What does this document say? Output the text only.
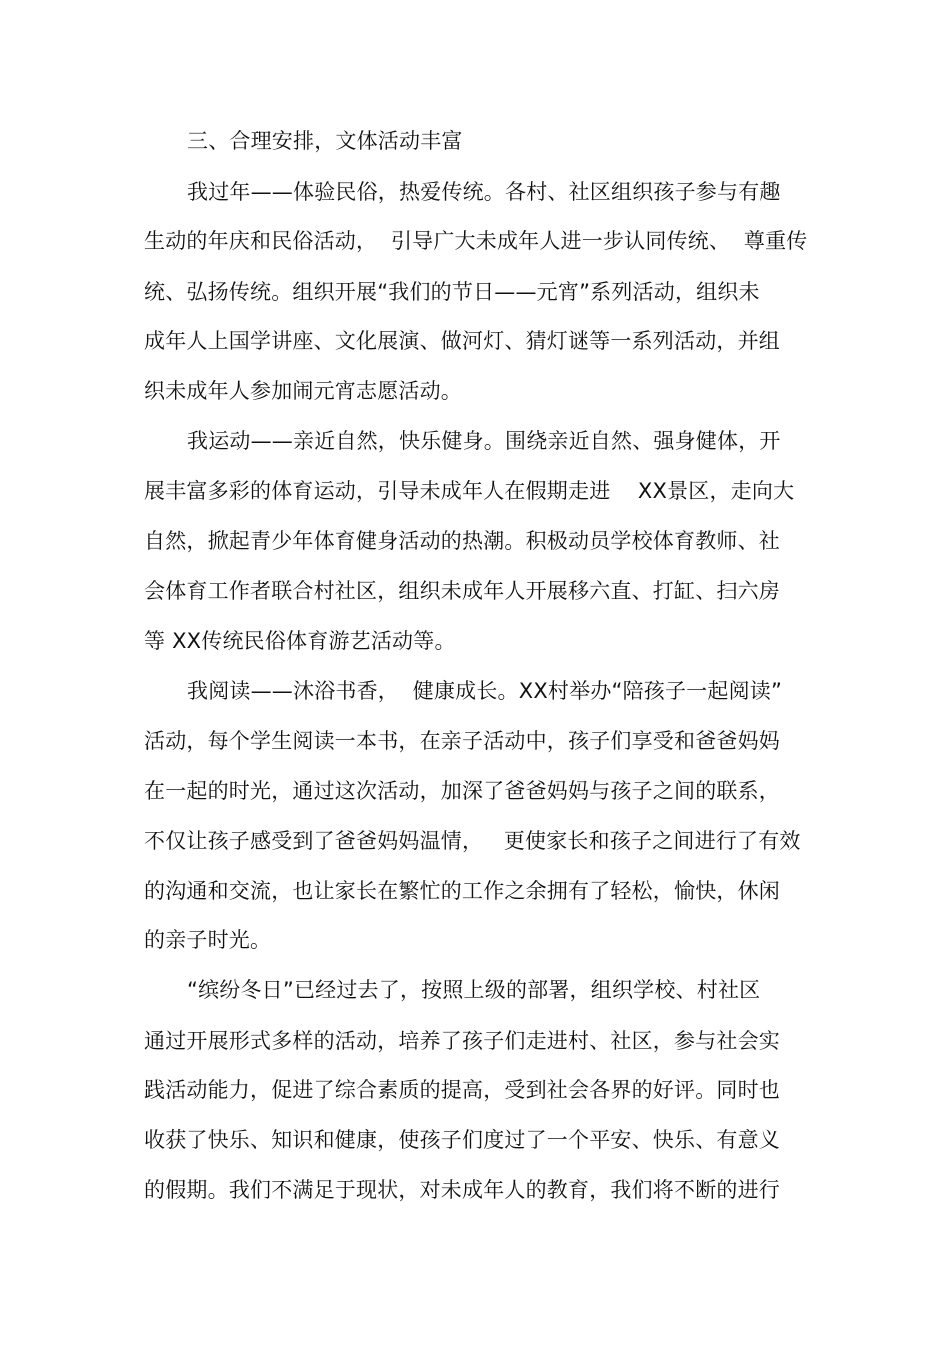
三、合理安排，文体活动丰富
我过年——体验民俗，热爱传统。各村、社区组织孩子参与有趣
生动的年庆和民俗活动，  引导广大未成年人进一步认同传统、  尊重传
统、弘扬传统。组织开展“我们的节日——元宵”系列活动，组织未
成年人上国学讲座、文化展演、做河灯、猜灯谜等一系列活动，并组
织未成年人参加闹元宵志愿活动。
我运动——亲近自然，快乐健身。围绕亲近自然、强身健体，开
展丰富多彩的体育运动，引导未成年人在假期走进    XX景区，走向大
自然，掀起青少年体育健身活动的热潮。积极动员学校体育教师、社
会体育工作者联合村社区，组织未成年人开展移六直、打缸、扫六房
等 XX传统民俗体育游艺活动等。
我阅读——沐浴书香，  健康成长。XX村举办“陪孩子一起阅读”
活动，每个学生阅读一本书，在亲子活动中，孩子们享受和爸爸妈妈
在一起的时光，通过这次活动，加深了爸爸妈妈与孩子之间的联系，
不仅让孩子感受到了爸爸妈妈温情，   更使家长和孩子之间进行了有效
的沟通和交流，也让家长在繁忙的工作之余拥有了轻松，愉快，休闲
的亲子时光。
“缤纷冬日”已经过去了，按照上级的部署，组织学校、村社区
通过开展形式多样的活动，培养了孩子们走进村、社区，参与社会实
践活动能力，促进了综合素质的提高，受到社会各界的好评。同时也
收获了快乐、知识和健康，使孩子们度过了一个平安、快乐、有意义
的假期。我们不满足于现状，对未成年人的教育，我们将不断的进行
